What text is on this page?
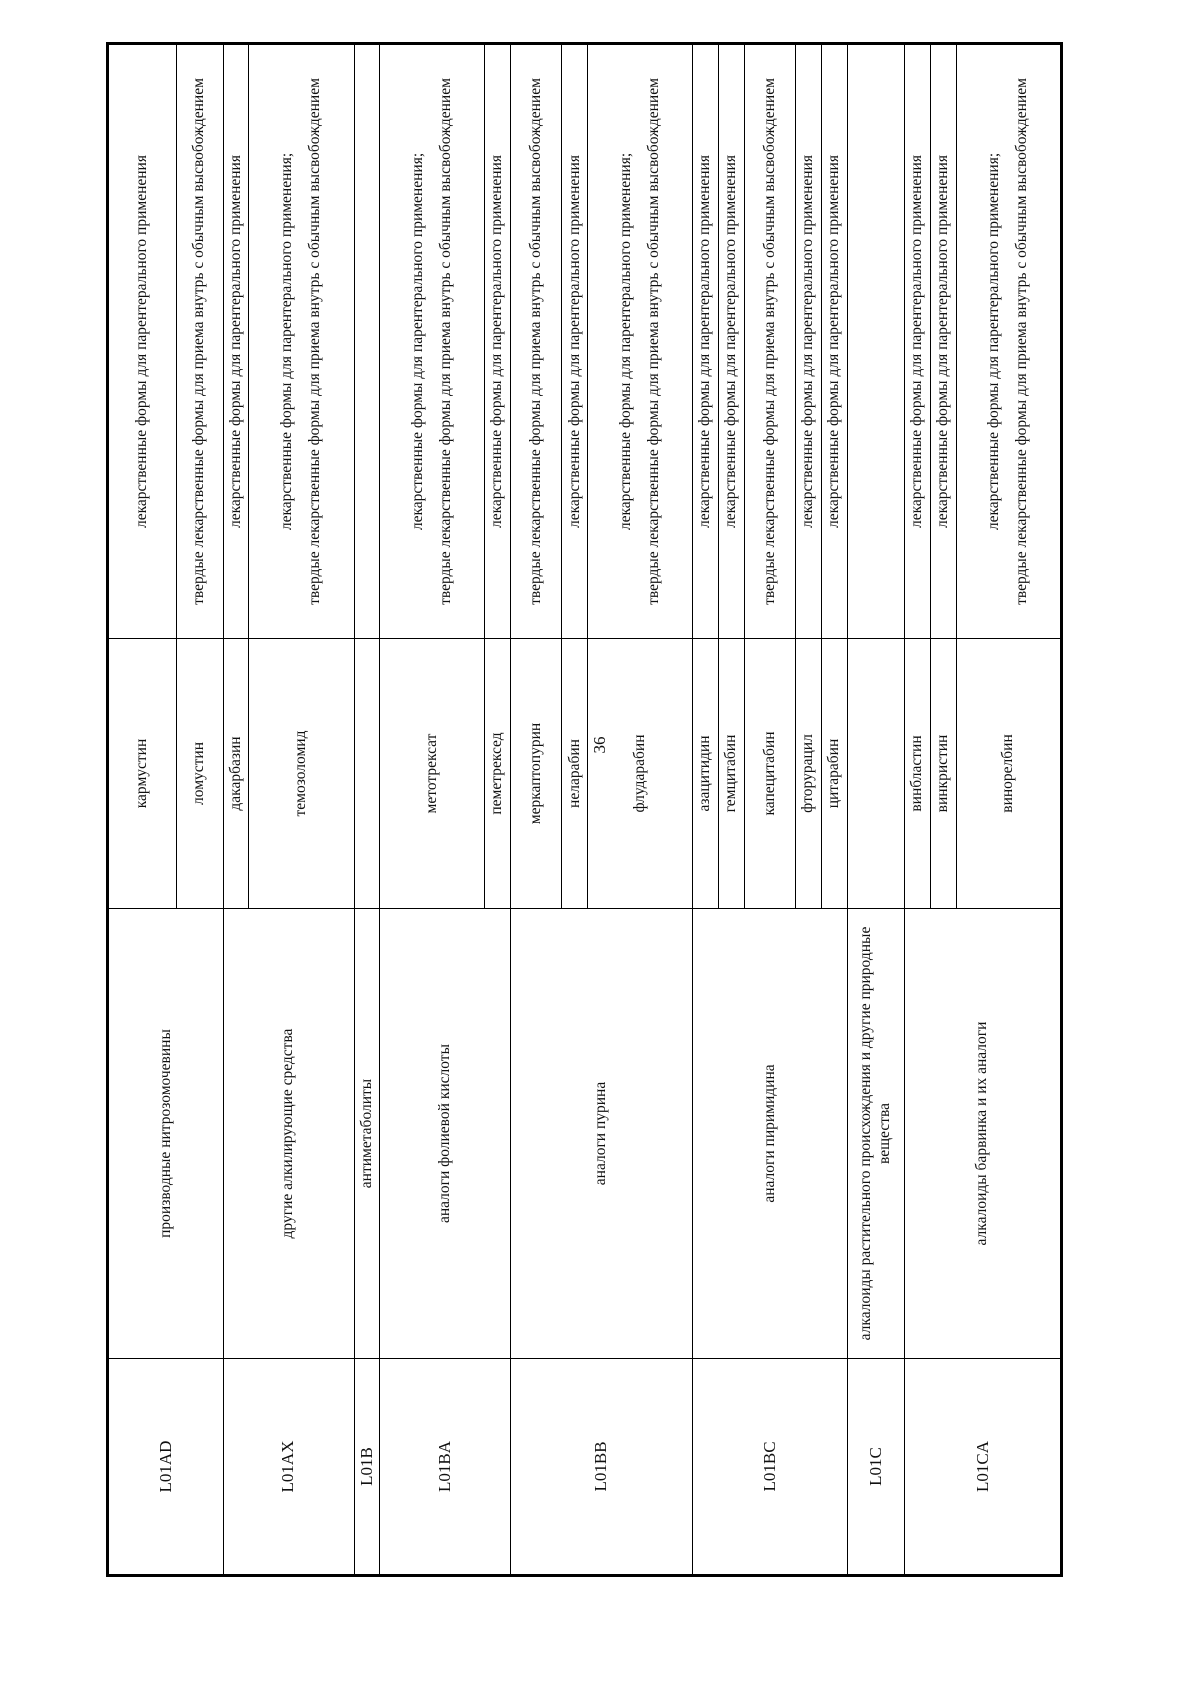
36
L01AD	производные нитрозомочевины	кармустин	лекарственные формы для парентерального применения
		ломустин	твердые лекарственные формы для приема внутрь с обычным высвобождением
L01AX	другие алкилирующие средства	дакарбазин	лекарственные формы для парентерального применения
		темозоломид	лекарственные формы для парентерального применения; твердые лекарственные формы для приема внутрь с обычным высвобождением
L01B	антиметаболиты		
L01BA	аналоги фолиевой кислоты	метотрексат	лекарственные формы для парентерального применения; твердые лекарственные формы для приема внутрь с обычным высвобождением
		пеметрексед	лекарственные формы для парентерального применения
L01BB	аналоги пурина	меркаптопурин	твердые лекарственные формы для приема внутрь с обычным высвобождением
		неларабин	лекарственные формы для парентерального применения
		флударабин	лекарственные формы для парентерального применения; твердые лекарственные формы для приема внутрь с обычным высвобождением
L01BC	аналоги пиримидина	азацитидин	лекарственные формы для парентерального применения
		гемцитабин	лекарственные формы для парентерального применения
		капецитабин	твердые лекарственные формы для приема внутрь с обычным высвобождением
		фторурацил	лекарственные формы для парентерального применения
		цитарабин	лекарственные формы для парентерального применения
L01C	алкалоиды растительного происхождения и другие природные вещества		
L01CA	алкалоиды барвинка и их аналоги	винбластин	лекарственные формы для парентерального применения
		винкристин	лекарственные формы для парентерального применения
		винорелбин	лекарственные формы для парентерального применения; твердые лекарственные формы для приема внутрь с обычным высвобождением
